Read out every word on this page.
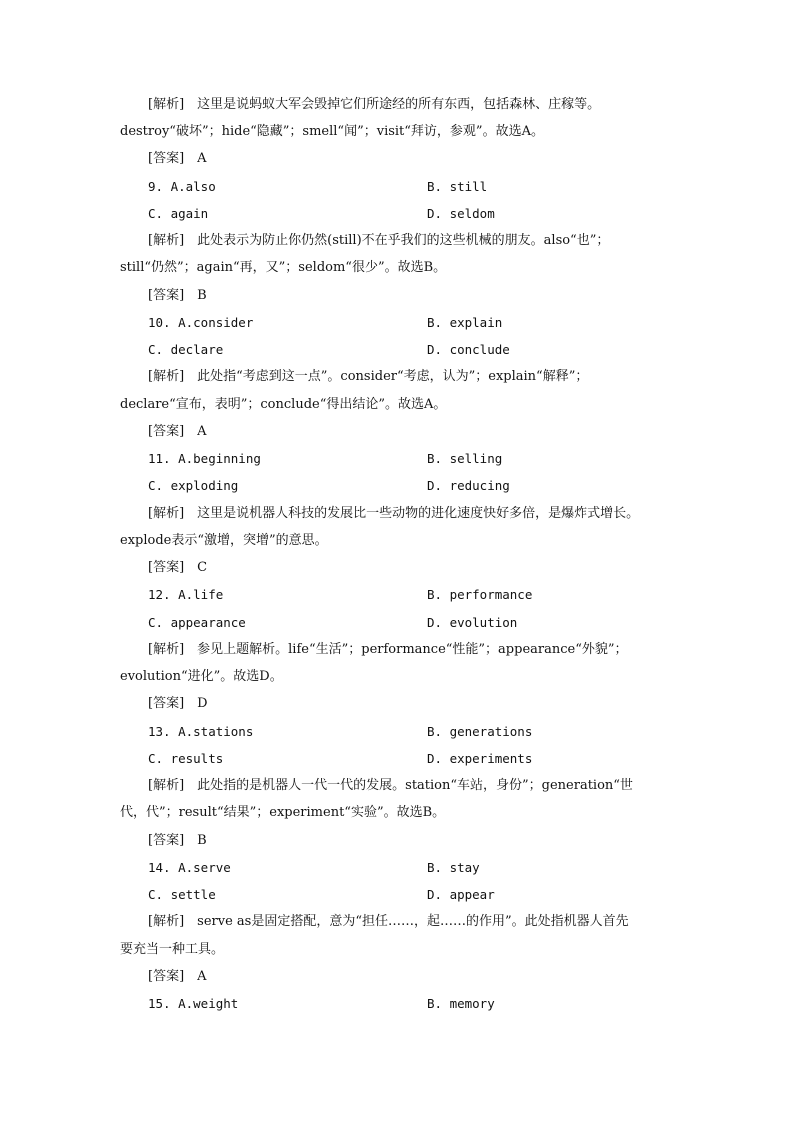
[解析]　这里是说蚂蚁大军会毁掉它们所途经的所有东西，包括森林、庄稼等。
destroy“破坏”；hide“隐藏”；smell“闻”；visit“拜访，参观”。故选A。
[答案]　A
9. A.also	B. still
C. again	D. seldom
[解析]　此处表示为防止你仍然(still)不在乎我们的这些机械的朋友。also“也”；
still“仍然”；again“再，又”；seldom“很少”。故选B。
[答案]　B
10. A.consider	B. explain
C. declare	D. conclude
[解析]　此处指“考虑到这一点”。consider“考虑，认为”；explain“解释”；
declare“宣布，表明”；conclude“得出结论”。故选A。
[答案]　A
11. A.beginning	B. selling
C. exploding	D. reducing
[解析]　这里是说机器人科技的发展比一些动物的进化速度快好多倍，是爆炸式增长。
explode表示“激增，突增”的意思。
[答案]　C
12. A.life	B. performance
C. appearance	D. evolution
[解析]　参见上题解析。life“生活”；performance“性能”；appearance“外貌”；
evolution“进化”。故选D。
[答案]　D
13. A.stations	B. generations
C. results	D. experiments
[解析]　此处指的是机器人一代一代的发展。station“车站，身份”；generation“世
代，代”；result“结果”；experiment“实验”。故选B。
[答案]　B
14. A.serve	B. stay
C. settle	D. appear
[解析]　serve as是固定搭配，意为“担任……，起……的作用”。此处指机器人首先
要充当一种工具。
[答案]　A
15. A.weight	B. memory
